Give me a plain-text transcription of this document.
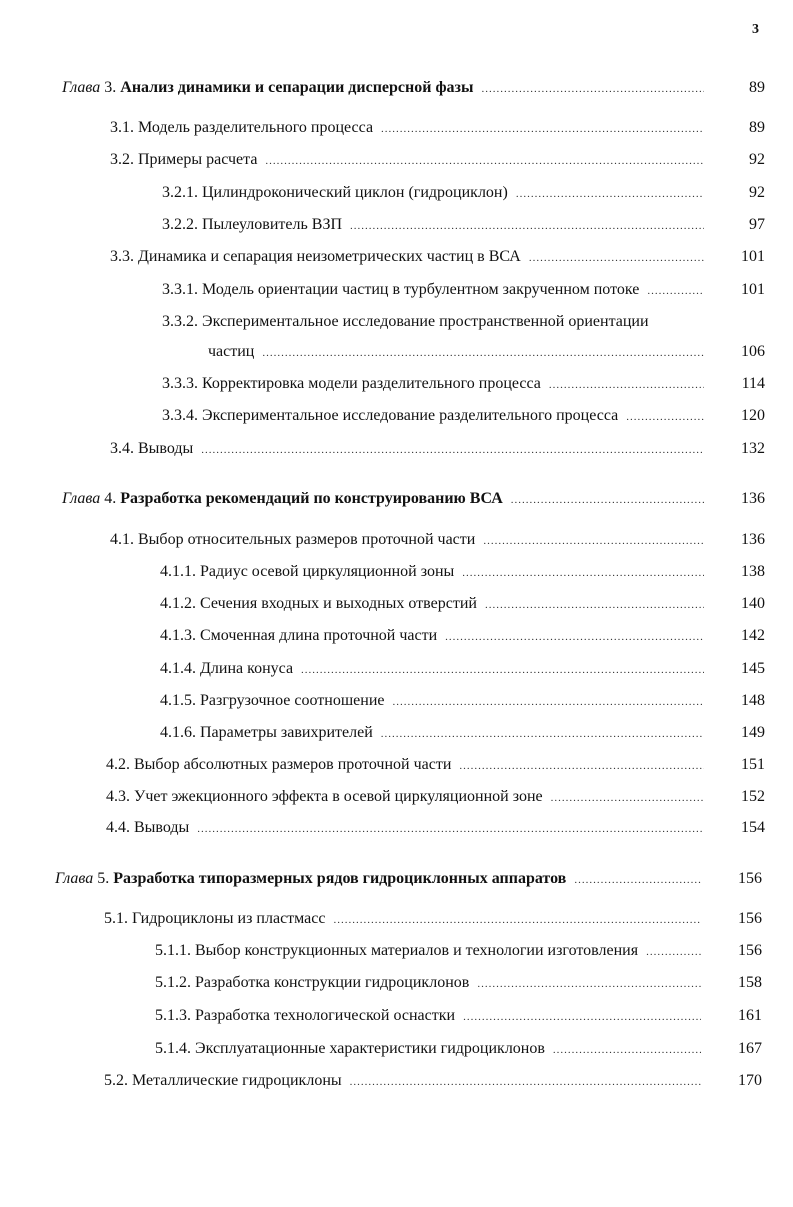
3
Глава 3. Анализ динамики и сепарации дисперсной фазы .....	89
3.1. Модель разделительного процесса .....	89
3.2. Примеры расчета .....	92
3.2.1. Цилиндроконический циклон (гидроциклон) .....	92
3.2.2. Пылеуловитель ВЗП .....	97
3.3. Динамика и сепарация неизометрических частиц в ВСА .....	101
3.3.1. Модель ориентации частиц в турбулентном закрученном потоке .....	101
3.3.2. Экспериментальное исследование пространственной ориентации
частиц .....	106
3.3.3. Корректировка модели разделительного процесса .....	114
3.3.4. Экспериментальное исследование разделительного процесса .....	120
3.4. Выводы .....	132
Глава 4. Разработка рекомендаций по конструированию ВСА .....	136
4.1. Выбор относительных размеров проточной части .....	136
4.1.1. Радиус осевой циркуляционной зоны .....	138
4.1.2. Сечения входных и выходных отверстий .....	140
4.1.3. Смоченная длина проточной части .....	142
4.1.4. Длина конуса .....	145
4.1.5. Разгрузочное соотношение .....	148
4.1.6. Параметры завихрителей .....	149
4.2. Выбор абсолютных размеров проточной части .....	151
4.3. Учет эжекционного эффекта в осевой циркуляционной зоне .....	152
4.4. Выводы .....	154
Глава 5. Разработка типоразмерных рядов гидроциклонных аппаратов .....	156
5.1. Гидроциклоны из пластмасс .....	156
5.1.1. Выбор конструкционных материалов и технологии изготовления .....	156
5.1.2. Разработка конструкции гидроциклонов .....	158
5.1.3. Разработка технологической оснастки .....	161
5.1.4. Эксплуатационные характеристики гидроциклонов .....	167
5.2. Металлические гидроциклоны .....	170
